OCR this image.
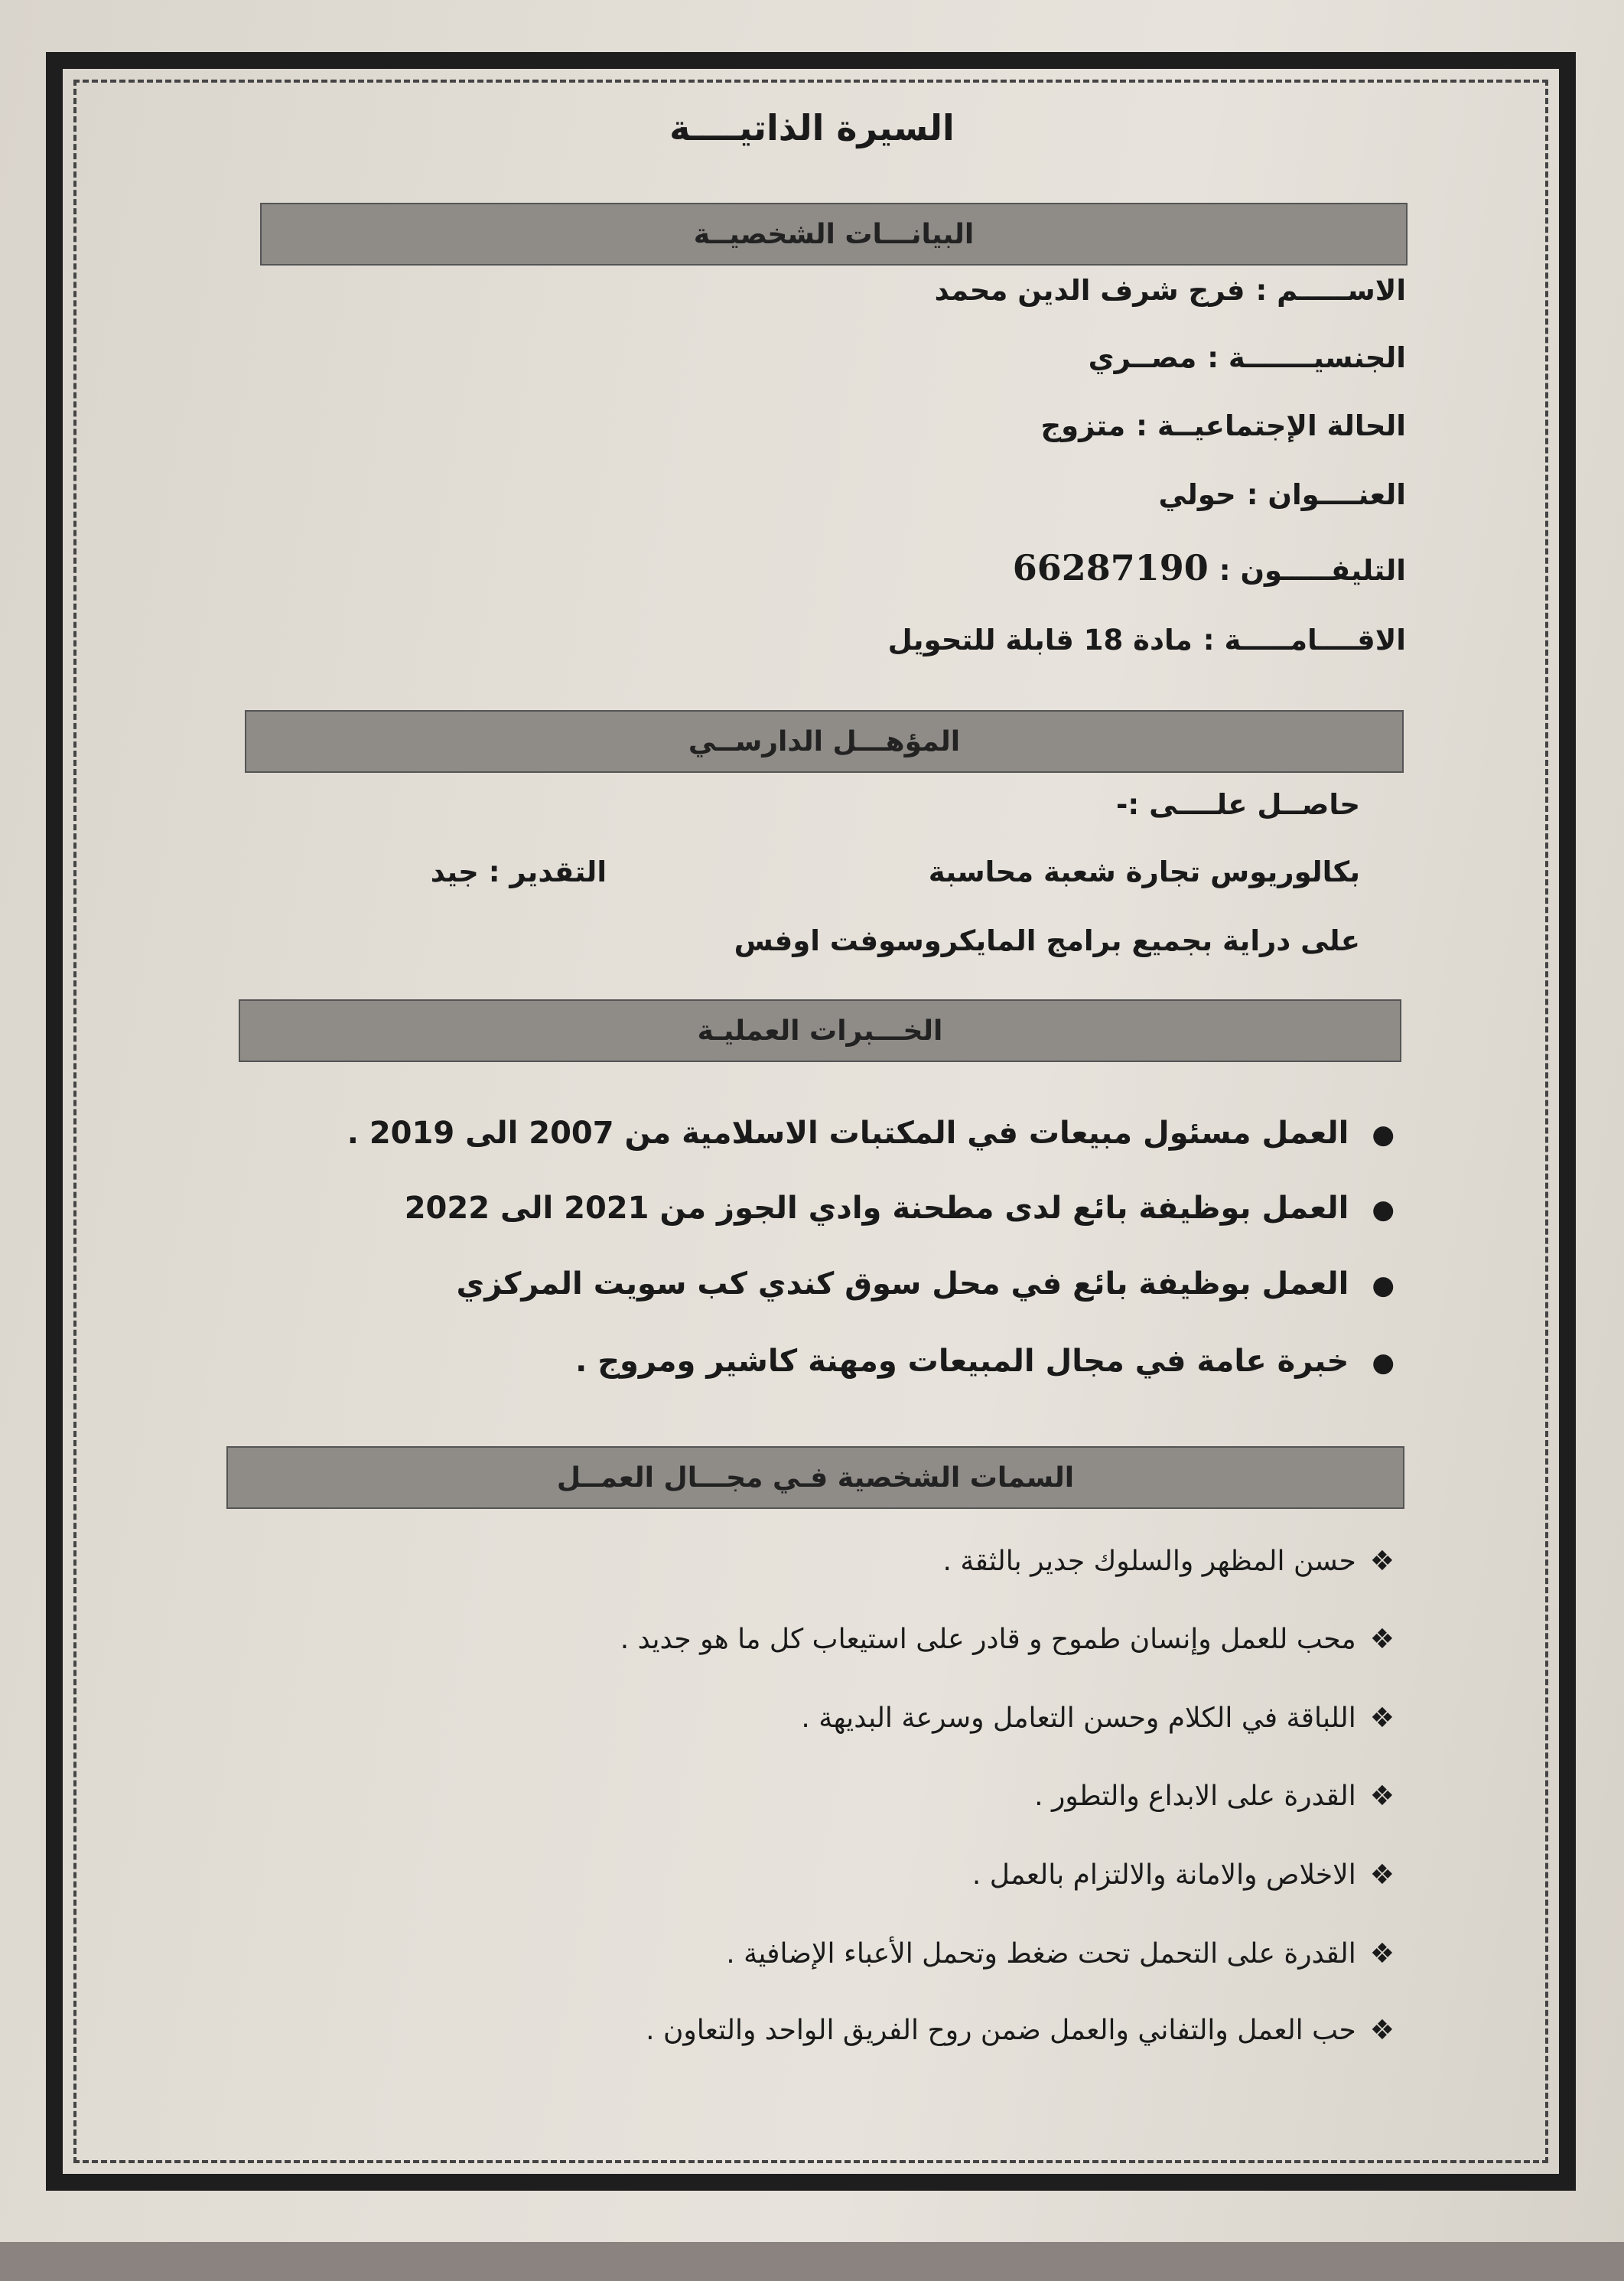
السيرة الذاتيــــة
البيانـــات الشخصيــة
الاســـــم :فرج شرف الدين محمد
الجنسيـــــــة :مصــري
الحالة الإجتماعيــة :متزوج
العنــــوان :حولي
التليفـــــون :66287190
الاقــــامـــــة :مادة 18 قابلة للتحويل
المؤهـــل الدارســي
حاصــل علــــى :-
بكالوريوس تجارة شعبة محاسبة
التقدير : جيد
على دراية بجميع برامج المايكروسوفت اوفس
الخـــبرات العمليـة
●العمل مسئول مبيعات في المكتبات الاسلامية من 2007 الى 2019 .
●العمل بوظيفة بائع لدى مطحنة وادي الجوز من 2021 الى 2022
●العمل بوظيفة بائع في محل سوق كندي كب سويت المركزي
●خبرة عامة في مجال المبيعات ومهنة كاشير ومروج .
السمات الشخصية فـي مجـــال العمــل
❖حسن المظهر والسلوك جدير بالثقة .
❖محب للعمل وإنسان طموح و قادر على استيعاب كل ما هو جديد .
❖اللباقة في الكلام وحسن التعامل وسرعة البديهة .
❖القدرة على الابداع والتطور .
❖الاخلاص والامانة والالتزام بالعمل .
❖القدرة على التحمل تحت ضغط وتحمل الأعباء الإضافية .
❖حب العمل والتفاني والعمل ضمن روح الفريق الواحد والتعاون .
